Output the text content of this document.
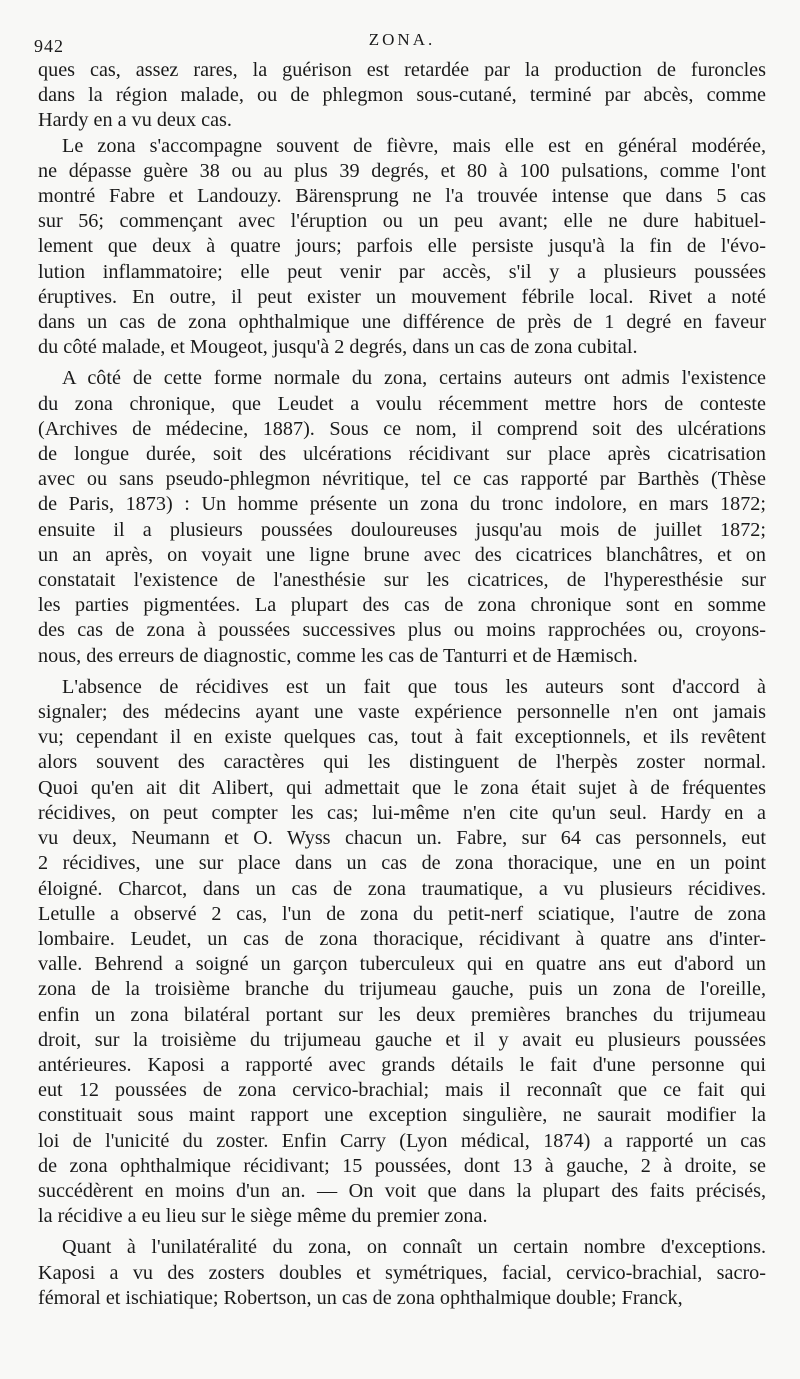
942	ZONA.

ques cas, assez rares, la guérison est retardée par la production de furoncles
dans la région malade, ou de phlegmon sous-cutané, terminé par abcès, comme
Hardy en a vu deux cas.

Le zona s'accompagne souvent de fièvre, mais elle est en général modérée,
ne dépasse guère 38 ou au plus 39 degrés, et 80 à 100 pulsations, comme l'ont
montré Fabre et Landouzy. Bärensprung ne l'a trouvée intense que dans 5 cas
sur 56; commençant avec l'éruption ou un peu avant; elle ne dure habituel-
lement que deux à quatre jours; parfois elle persiste jusqu'à la fin de l'évo-
lution inflammatoire; elle peut venir par accès, s'il y a plusieurs poussées
éruptives. En outre, il peut exister un mouvement fébrile local. Rivet a noté
dans un cas de zona ophthalmique une différence de près de 1 degré en faveur
du côté malade, et Mougeot, jusqu'à 2 degrés, dans un cas de zona cubital.

A côté de cette forme normale du zona, certains auteurs ont admis l'existence
du zona chronique, que Leudet a voulu récemment mettre hors de conteste
(Archives de médecine, 1887). Sous ce nom, il comprend soit des ulcérations
de longue durée, soit des ulcérations récidivant sur place après cicatrisation
avec ou sans pseudo-phlegmon névritique, tel ce cas rapporté par Barthès (Thèse
de Paris, 1873) : Un homme présente un zona du tronc indolore, en mars 1872;
ensuite il a plusieurs poussées douloureuses jusqu'au mois de juillet 1872;
un an après, on voyait une ligne brune avec des cicatrices blanchâtres, et on
constatait l'existence de l'anesthésie sur les cicatrices, de l'hyperesthésie sur
les parties pigmentées. La plupart des cas de zona chronique sont en somme
des cas de zona à poussées successives plus ou moins rapprochées ou, croyons-
nous, des erreurs de diagnostic, comme les cas de Tanturri et de Hæmisch.

L'absence de récidives est un fait que tous les auteurs sont d'accord à
signaler; des médecins ayant une vaste expérience personnelle n'en ont jamais
vu; cependant il en existe quelques cas, tout à fait exceptionnels, et ils revêtent
alors souvent des caractères qui les distinguent de l'herpès zoster normal.
Quoi qu'en ait dit Alibert, qui admettait que le zona était sujet à de fréquentes
récidives, on peut compter les cas; lui-même n'en cite qu'un seul. Hardy en a
vu deux, Neumann et O. Wyss chacun un. Fabre, sur 64 cas personnels, eut
2 récidives, une sur place dans un cas de zona thoracique, une en un point
éloigné. Charcot, dans un cas de zona traumatique, a vu plusieurs récidives.
Letulle a observé 2 cas, l'un de zona du petit-nerf sciatique, l'autre de zona
lombaire. Leudet, un cas de zona thoracique, récidivant à quatre ans d'inter-
valle. Behrend a soigné un garçon tuberculeux qui en quatre ans eut d'abord un
zona de la troisième branche du trijumeau gauche, puis un zona de l'oreille,
enfin un zona bilatéral portant sur les deux premières branches du trijumeau
droit, sur la troisième du trijumeau gauche et il y avait eu plusieurs poussées
antérieures. Kaposi a rapporté avec grands détails le fait d'une personne qui
eut 12 poussées de zona cervico-brachial; mais il reconnaît que ce fait qui
constituait sous maint rapport une exception singulière, ne saurait modifier la
loi de l'unicité du zoster. Enfin Carry (Lyon médical, 1874) a rapporté un cas
de zona ophthalmique récidivant; 15 poussées, dont 13 à gauche, 2 à droite, se
succédèrent en moins d'un an. — On voit que dans la plupart des faits précisés,
la récidive a eu lieu sur le siège même du premier zona.

Quant à l'unilatéralité du zona, on connaît un certain nombre d'exceptions.
Kaposi a vu des zosters doubles et symétriques, facial, cervico-brachial, sacro-
fémoral et ischiatique; Robertson, un cas de zona ophthalmique double; Franck,
